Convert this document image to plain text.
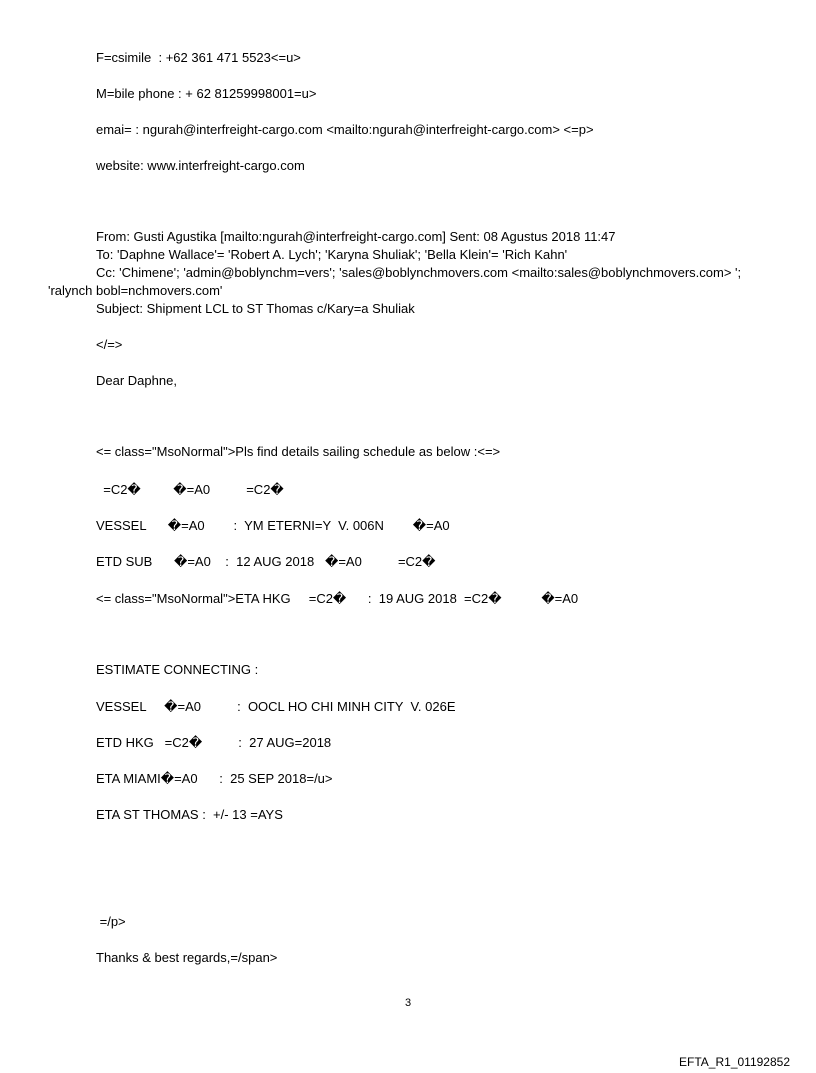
F=csimile  : +62 361 471 5523<=u>
M=bile phone : + 62 81259998001=u>
emai= : ngurah@interfreight-cargo.com <mailto:ngurah@interfreight-cargo.com> <=p>
website: www.interfreight-cargo.com
From: Gusti Agustika [mailto:ngurah@interfreight-cargo.com] Sent: 08 Agustus 2018 11:47
To: 'Daphne Wallace'= 'Robert A. Lych'; 'Karyna Shuliak'; 'Bella Klein'= 'Rich Kahn'
Cc: 'Chimene'; 'admin@boblynchm=vers'; 'sales@boblynchmovers.com <mailto:sales@boblynchmovers.com> ';
'ralynch bobl=nchmovers.com'
Subject: Shipment LCL to ST Thomas c/Kary=a Shuliak
</=>
Dear Daphne,
<= class="MsoNormal">Pls find details sailing schedule as below :<=>
=C2�         �=A0          =C2�
VESSEL      �=A0        :  YM ETERNI=Y  V. 006N        �=A0
ETD SUB      �=A0    :  12 AUG 2018   �=A0          =C2�
<= class="MsoNormal">ETA HKG     =C2�      :  19 AUG 2018  =C2�           �=A0
ESTIMATE CONNECTING :
VESSEL     �=A0          :  OOCL HO CHI MINH CITY  V. 026E
ETD HKG   =C2�          :  27 AUG=2018
ETA MIAMI�=A0      :  25 SEP 2018=/u>
ETA ST THOMAS :  +/- 13 =AYS
=/p>
Thanks & best regards,=/span>
3
EFTA_R1_01192852
